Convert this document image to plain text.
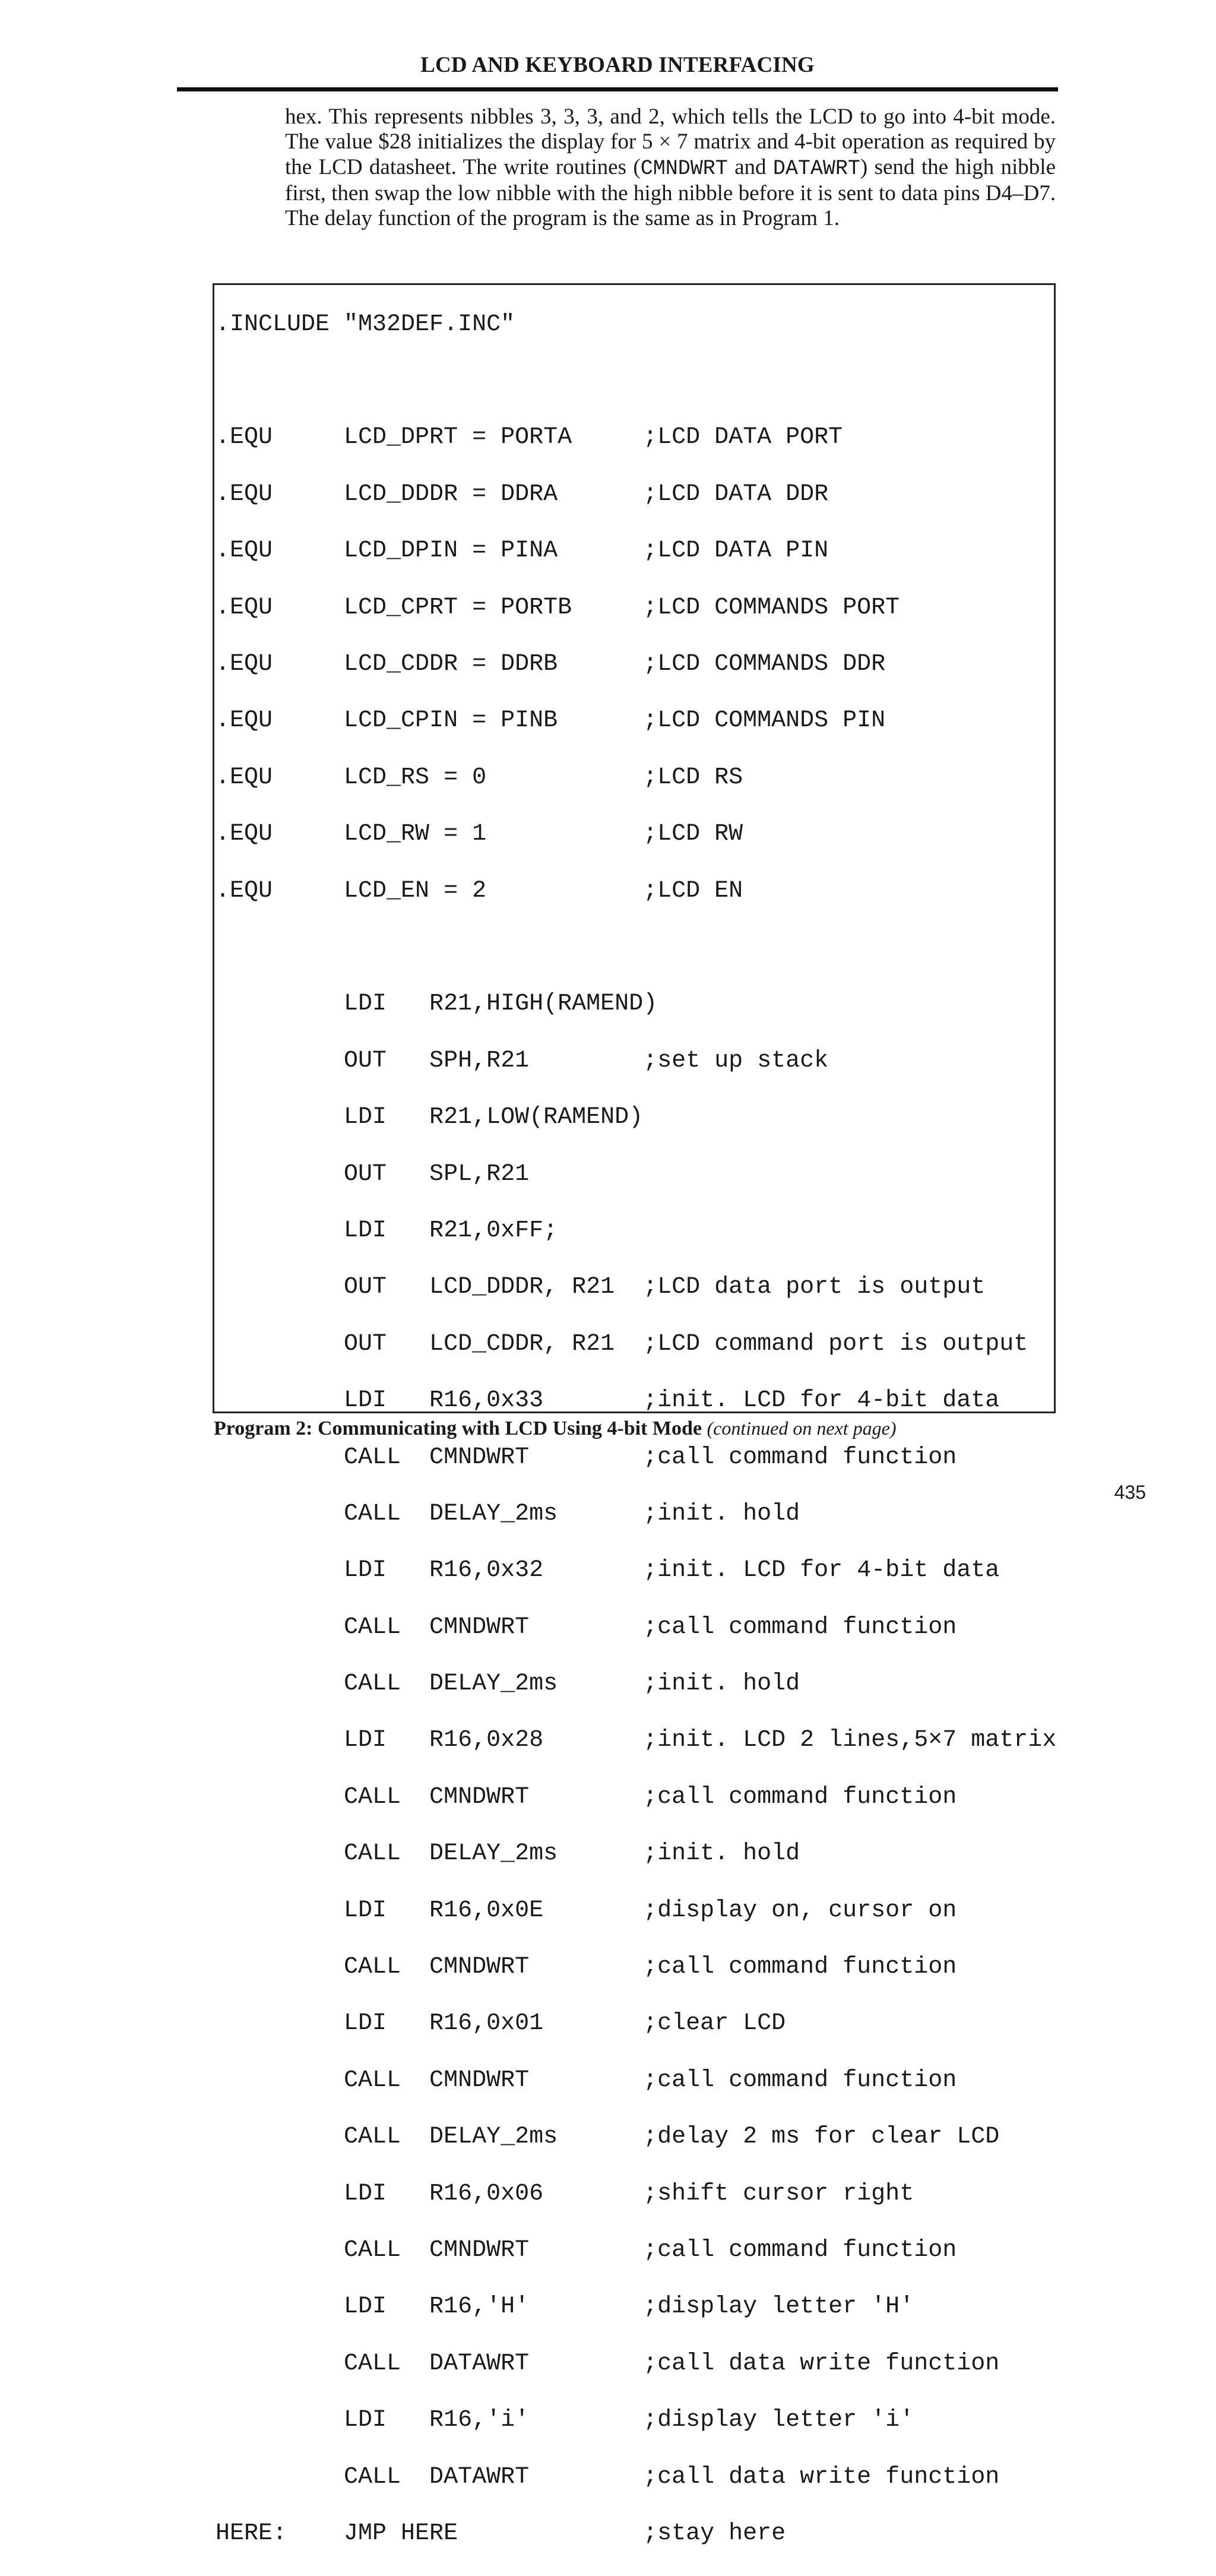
LCD AND KEYBOARD INTERFACING

hex. This represents nibbles 3, 3, 3, and 2, which tells the LCD to go into 4-bit mode. The value $28 initializes the display for 5 × 7 matrix and 4-bit operation as required by the LCD datasheet. The write routines (CMNDWRT and DATAWRT) send the high nibble first, then swap the low nibble with the high nibble before it is sent to data pins D4–D7. The delay function of the program is the same as in Program 1.

.INCLUDE "M32DEF.INC"

.EQU     LCD_DPRT = PORTA     ;LCD DATA PORT

.EQU     LCD_DDDR = DDRA      ;LCD DATA DDR

.EQU     LCD_DPIN = PINA      ;LCD DATA PIN

.EQU     LCD_CPRT = PORTB     ;LCD COMMANDS PORT

.EQU     LCD_CDDR = DDRB      ;LCD COMMANDS DDR

.EQU     LCD_CPIN = PINB      ;LCD COMMANDS PIN

.EQU     LCD_RS = 0           ;LCD RS

.EQU     LCD_RW = 1           ;LCD RW

.EQU     LCD_EN = 2           ;LCD EN

LDI   R21,HIGH(RAMEND)

OUT   SPH,R21        ;set up stack

LDI   R21,LOW(RAMEND)

OUT   SPL,R21

LDI   R21,0xFF;

OUT   LCD_DDDR, R21  ;LCD data port is output

OUT   LCD_CDDR, R21  ;LCD command port is output

LDI   R16,0x33       ;init. LCD for 4-bit data

CALL  CMNDWRT        ;call command function

CALL  DELAY_2ms      ;init. hold

LDI   R16,0x32       ;init. LCD for 4-bit data

CALL  CMNDWRT        ;call command function

CALL  DELAY_2ms      ;init. hold

LDI   R16,0x28       ;init. LCD 2 lines,5×7 matrix

CALL  CMNDWRT        ;call command function

CALL  DELAY_2ms      ;init. hold

LDI   R16,0x0E       ;display on, cursor on

CALL  CMNDWRT        ;call command function

LDI   R16,0x01       ;clear LCD

CALL  CMNDWRT        ;call command function

CALL  DELAY_2ms      ;delay 2 ms for clear LCD

LDI   R16,0x06       ;shift cursor right

CALL  CMNDWRT        ;call command function

LDI   R16,'H'        ;display letter 'H'

CALL  DATAWRT        ;call data write function

LDI   R16,'i'        ;display letter 'i'

CALL  DATAWRT        ;call data write function

HERE:    JMP HERE             ;stay here

Program 2: Communicating with LCD Using 4-bit Mode (continued on next page)
435
